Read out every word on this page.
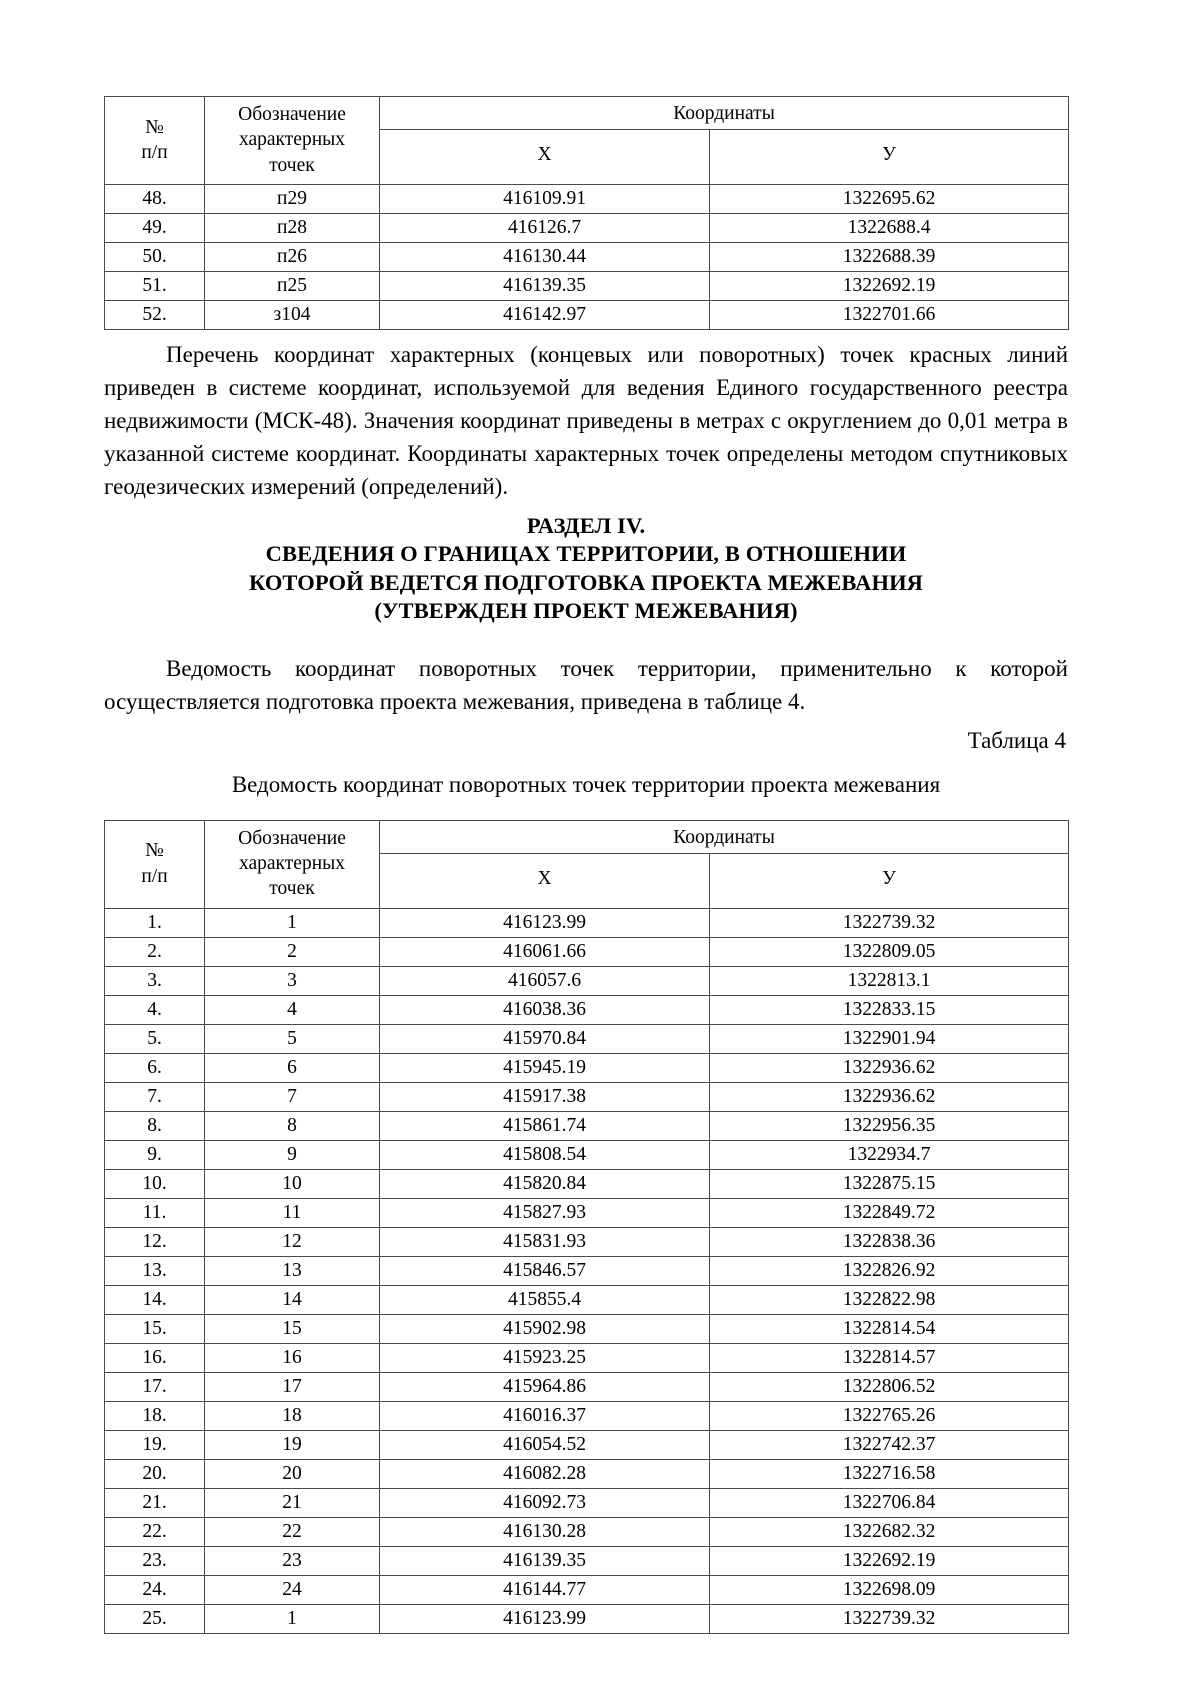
№
п/п	Обозначение
характерных
точек	Координаты	
		X	У
48.	п29	416109.91	1322695.62
49.	п28	416126.7	1322688.4
50.	п26	416130.44	1322688.39
51.	п25	416139.35	1322692.19
52.	з104	416142.97	1322701.66

Перечень координат характерных (концевых или поворотных) точек красных линий приведен в системе координат, используемой для ведения Единого государственного реестра недвижимости (МСК-48). Значения координат приведены в метрах с округлением до 0,01 метра в указанной системе координат. Координаты характерных точек определены методом спутниковых геодезических измерений (определений).

РАЗДЕЛ IV.
СВЕДЕНИЯ О ГРАНИЦАХ ТЕРРИТОРИИ, В ОТНОШЕНИИ
КОТОРОЙ ВЕДЕТСЯ ПОДГОТОВКА ПРОЕКТА МЕЖЕВАНИЯ
(УТВЕРЖДЕН ПРОЕКТ МЕЖЕВАНИЯ)

Ведомость координат поворотных точек территории, применительно к которой осуществляется подготовка проекта межевания, приведена в таблице 4.

Таблица 4
Ведомость координат поворотных точек территории проекта межевания
№
п/п	Обозначение
характерных
точек	Координаты	
		X	У
1.	1	416123.99	1322739.32
2.	2	416061.66	1322809.05
3.	3	416057.6	1322813.1
4.	4	416038.36	1322833.15
5.	5	415970.84	1322901.94
6.	6	415945.19	1322936.62
7.	7	415917.38	1322936.62
8.	8	415861.74	1322956.35
9.	9	415808.54	1322934.7
10.	10	415820.84	1322875.15
11.	11	415827.93	1322849.72
12.	12	415831.93	1322838.36
13.	13	415846.57	1322826.92
14.	14	415855.4	1322822.98
15.	15	415902.98	1322814.54
16.	16	415923.25	1322814.57
17.	17	415964.86	1322806.52
18.	18	416016.37	1322765.26
19.	19	416054.52	1322742.37
20.	20	416082.28	1322716.58
21.	21	416092.73	1322706.84
22.	22	416130.28	1322682.32
23.	23	416139.35	1322692.19
24.	24	416144.77	1322698.09
25.	1	416123.99	1322739.32
